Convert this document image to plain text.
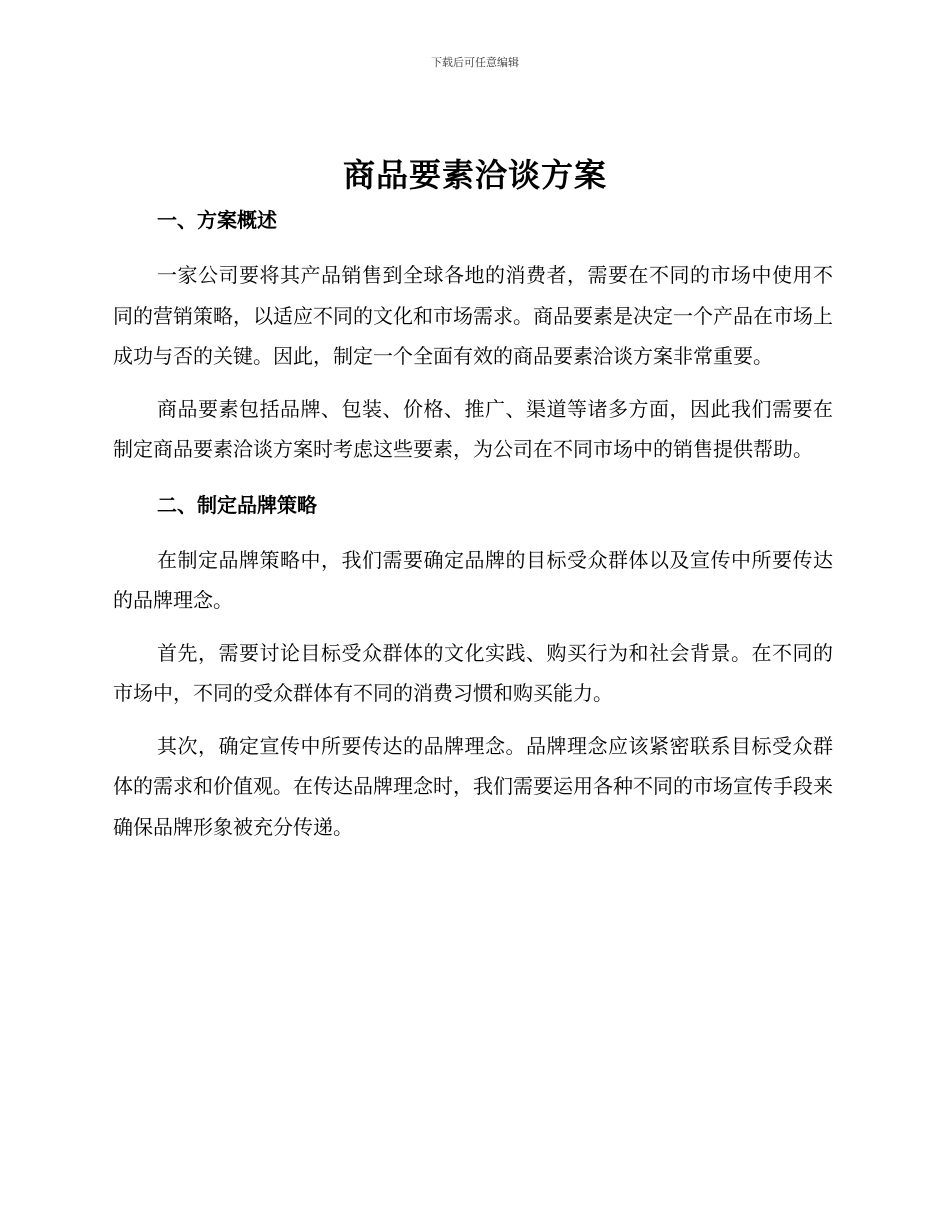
下载后可任意编辑
商品要素洽谈方案
一、方案概述

一家公司要将其产品销售到全球各地的消费者，需要在不同的市场中使用不同的营销策略，以适应不同的文化和市场需求。商品要素是决定一个产品在市场上成功与否的关键。因此，制定一个全面有效的商品要素洽谈方案非常重要。

商品要素包括品牌、包装、价格、推广、渠道等诸多方面，因此我们需要在制定商品要素洽谈方案时考虑这些要素，为公司在不同市场中的销售提供帮助。

二、制定品牌策略

在制定品牌策略中，我们需要确定品牌的目标受众群体以及宣传中所要传达的品牌理念。

首先，需要讨论目标受众群体的文化实践、购买行为和社会背景。在不同的市场中，不同的受众群体有不同的消费习惯和购买能力。

其次，确定宣传中所要传达的品牌理念。品牌理念应该紧密联系目标受众群体的需求和价值观。在传达品牌理念时，我们需要运用各种不同的市场宣传手段来确保品牌形象被充分传递。
